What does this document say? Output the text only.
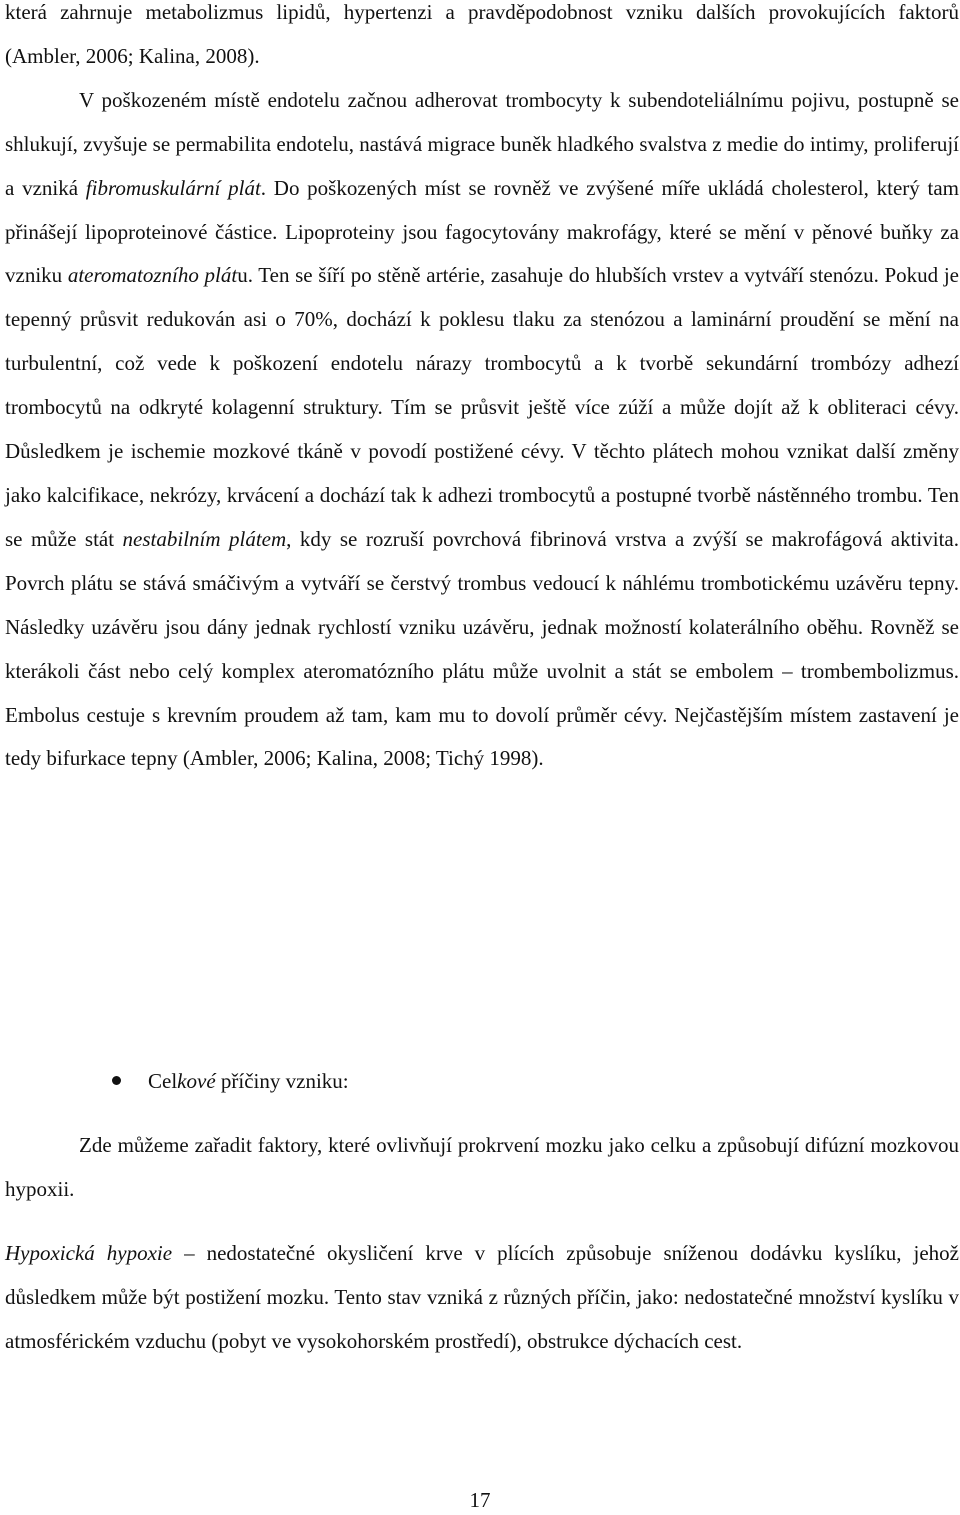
která zahrnuje metabolizmus lipidů, hypertenzi a pravděpodobnost vzniku dalších provokujících faktorů (Ambler, 2006; Kalina, 2008).

V poškozeném místě endotelu začnou adherovat trombocyty k subendoteliálnímu pojivu, postupně se shlukují, zvyšuje se permabilita endotelu, nastává migrace buněk hladkého svalstva z medie do intimy, proliferují a vzniká fibromuskulární plát. Do poškozených míst se rovněž ve zvýšené míře ukládá cholesterol, který tam přinášejí lipoproteinové částice. Lipoproteiny jsou fagocytovány makrofágy, které se mění v pěnové buňky za vzniku ateromatozního plátu. Ten se šíří po stěně artérie, zasahuje do hlubších vrstev a vytváří stenózu. Pokud je tepenný průsvit redukován asi o 70%, dochází k poklesu tlaku za stenózou a laminární proudění se mění na turbulentní, což vede k poškození endotelu nárazy trombocytů a k tvorbě sekundární trombózy adhezí trombocytů na odkryté kolagenní struktury. Tím se průsvit ještě více zúží a může dojít až k obliteraci cévy. Důsledkem je ischemie mozkové tkáně v povodí postižené cévy. V těchto plátech mohou vznikat další změny jako kalcifikace, nekrózy, krvácení a dochází tak k adhezi trombocytů a postupné tvorbě nástěnného trombu. Ten se může stát nestabilním plátem, kdy se rozruší povrchová fibrinová vrstva a zvýší se makrofágová aktivita. Povrch plátu se stává smáčivým a vytváří se čerstvý trombus vedoucí k náhlému trombotickému uzávěru tepny. Následky uzávěru jsou dány jednak rychlostí vzniku uzávěru, jednak možností kolaterálního oběhu. Rovněž se kterákoli část nebo celý komplex ateromatózního plátu může uvolnit a stát se embolem – trombembolizmus. Embolus cestuje s krevním proudem až tam, kam mu to dovolí průměr cévy. Nejčastějším místem zastavení je tedy bifurkace tepny (Ambler, 2006; Kalina, 2008; Tichý 1998).

Celkové příčiny vzniku:

Zde můžeme zařadit faktory, které ovlivňují prokrvení mozku jako celku a způsobují difúzní mozkovou hypoxii.

Hypoxická hypoxie – nedostatečné okysličení krve v plících způsobuje sníženou dodávku kyslíku, jehož důsledkem může být postižení mozku. Tento stav vzniká z různých příčin, jako: nedostatečné množství kyslíku v atmosférickém vzduchu (pobyt ve vysokohorském prostředí), obstrukce dýchacích cest.

17
